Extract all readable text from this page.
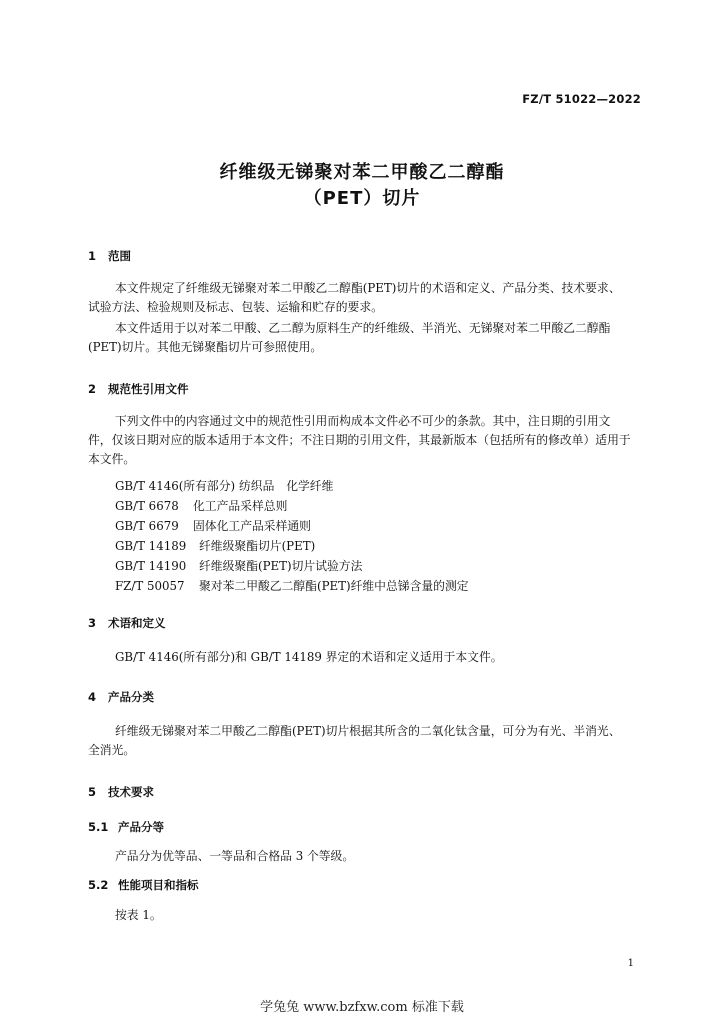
FZ/T 51022—2022
纤维级无锑聚对苯二甲酸乙二醇酯
（PET）切片
1 范围
本文件规定了纤维级无锑聚对苯二甲酸乙二醇酯(PET)切片的术语和定义、产品分类、技术要求、
试验方法、检验规则及标志、包装、运输和贮存的要求。
本文件适用于以对苯二甲酸、乙二醇为原料生产的纤维级、半消光、无锑聚对苯二甲酸乙二醇酯
(PET)切片。其他无锑聚酯切片可参照使用。
2 规范性引用文件
下列文件中的内容通过文中的规范性引用而构成本文件必不可少的条款。其中，注日期的引用文
件，仅该日期对应的版本适用于本文件；不注日期的引用文件，其最新版本（包括所有的修改单）适用于
本文件。
GB/T 4146(所有部分) 纺织品　化学纤维
GB/T 6678 化工产品采样总则
GB/T 6679 固体化工产品采样通则
GB/T 14189 纤维级聚酯切片(PET)
GB/T 14190 纤维级聚酯(PET)切片试验方法
FZ/T 50057 聚对苯二甲酸乙二醇酯(PET)纤维中总锑含量的测定
3 术语和定义
GB/T 4146(所有部分)和 GB/T 14189 界定的术语和定义适用于本文件。
4 产品分类
纤维级无锑聚对苯二甲酸乙二醇酯(PET)切片根据其所含的二氧化钛含量，可分为有光、半消光、
全消光。
5 技术要求
5.1 产品分等
产品分为优等品、一等品和合格品 3 个等级。
5.2 性能项目和指标
按表 1。
1
学兔兔 www.bzfxw.com 标准下载
